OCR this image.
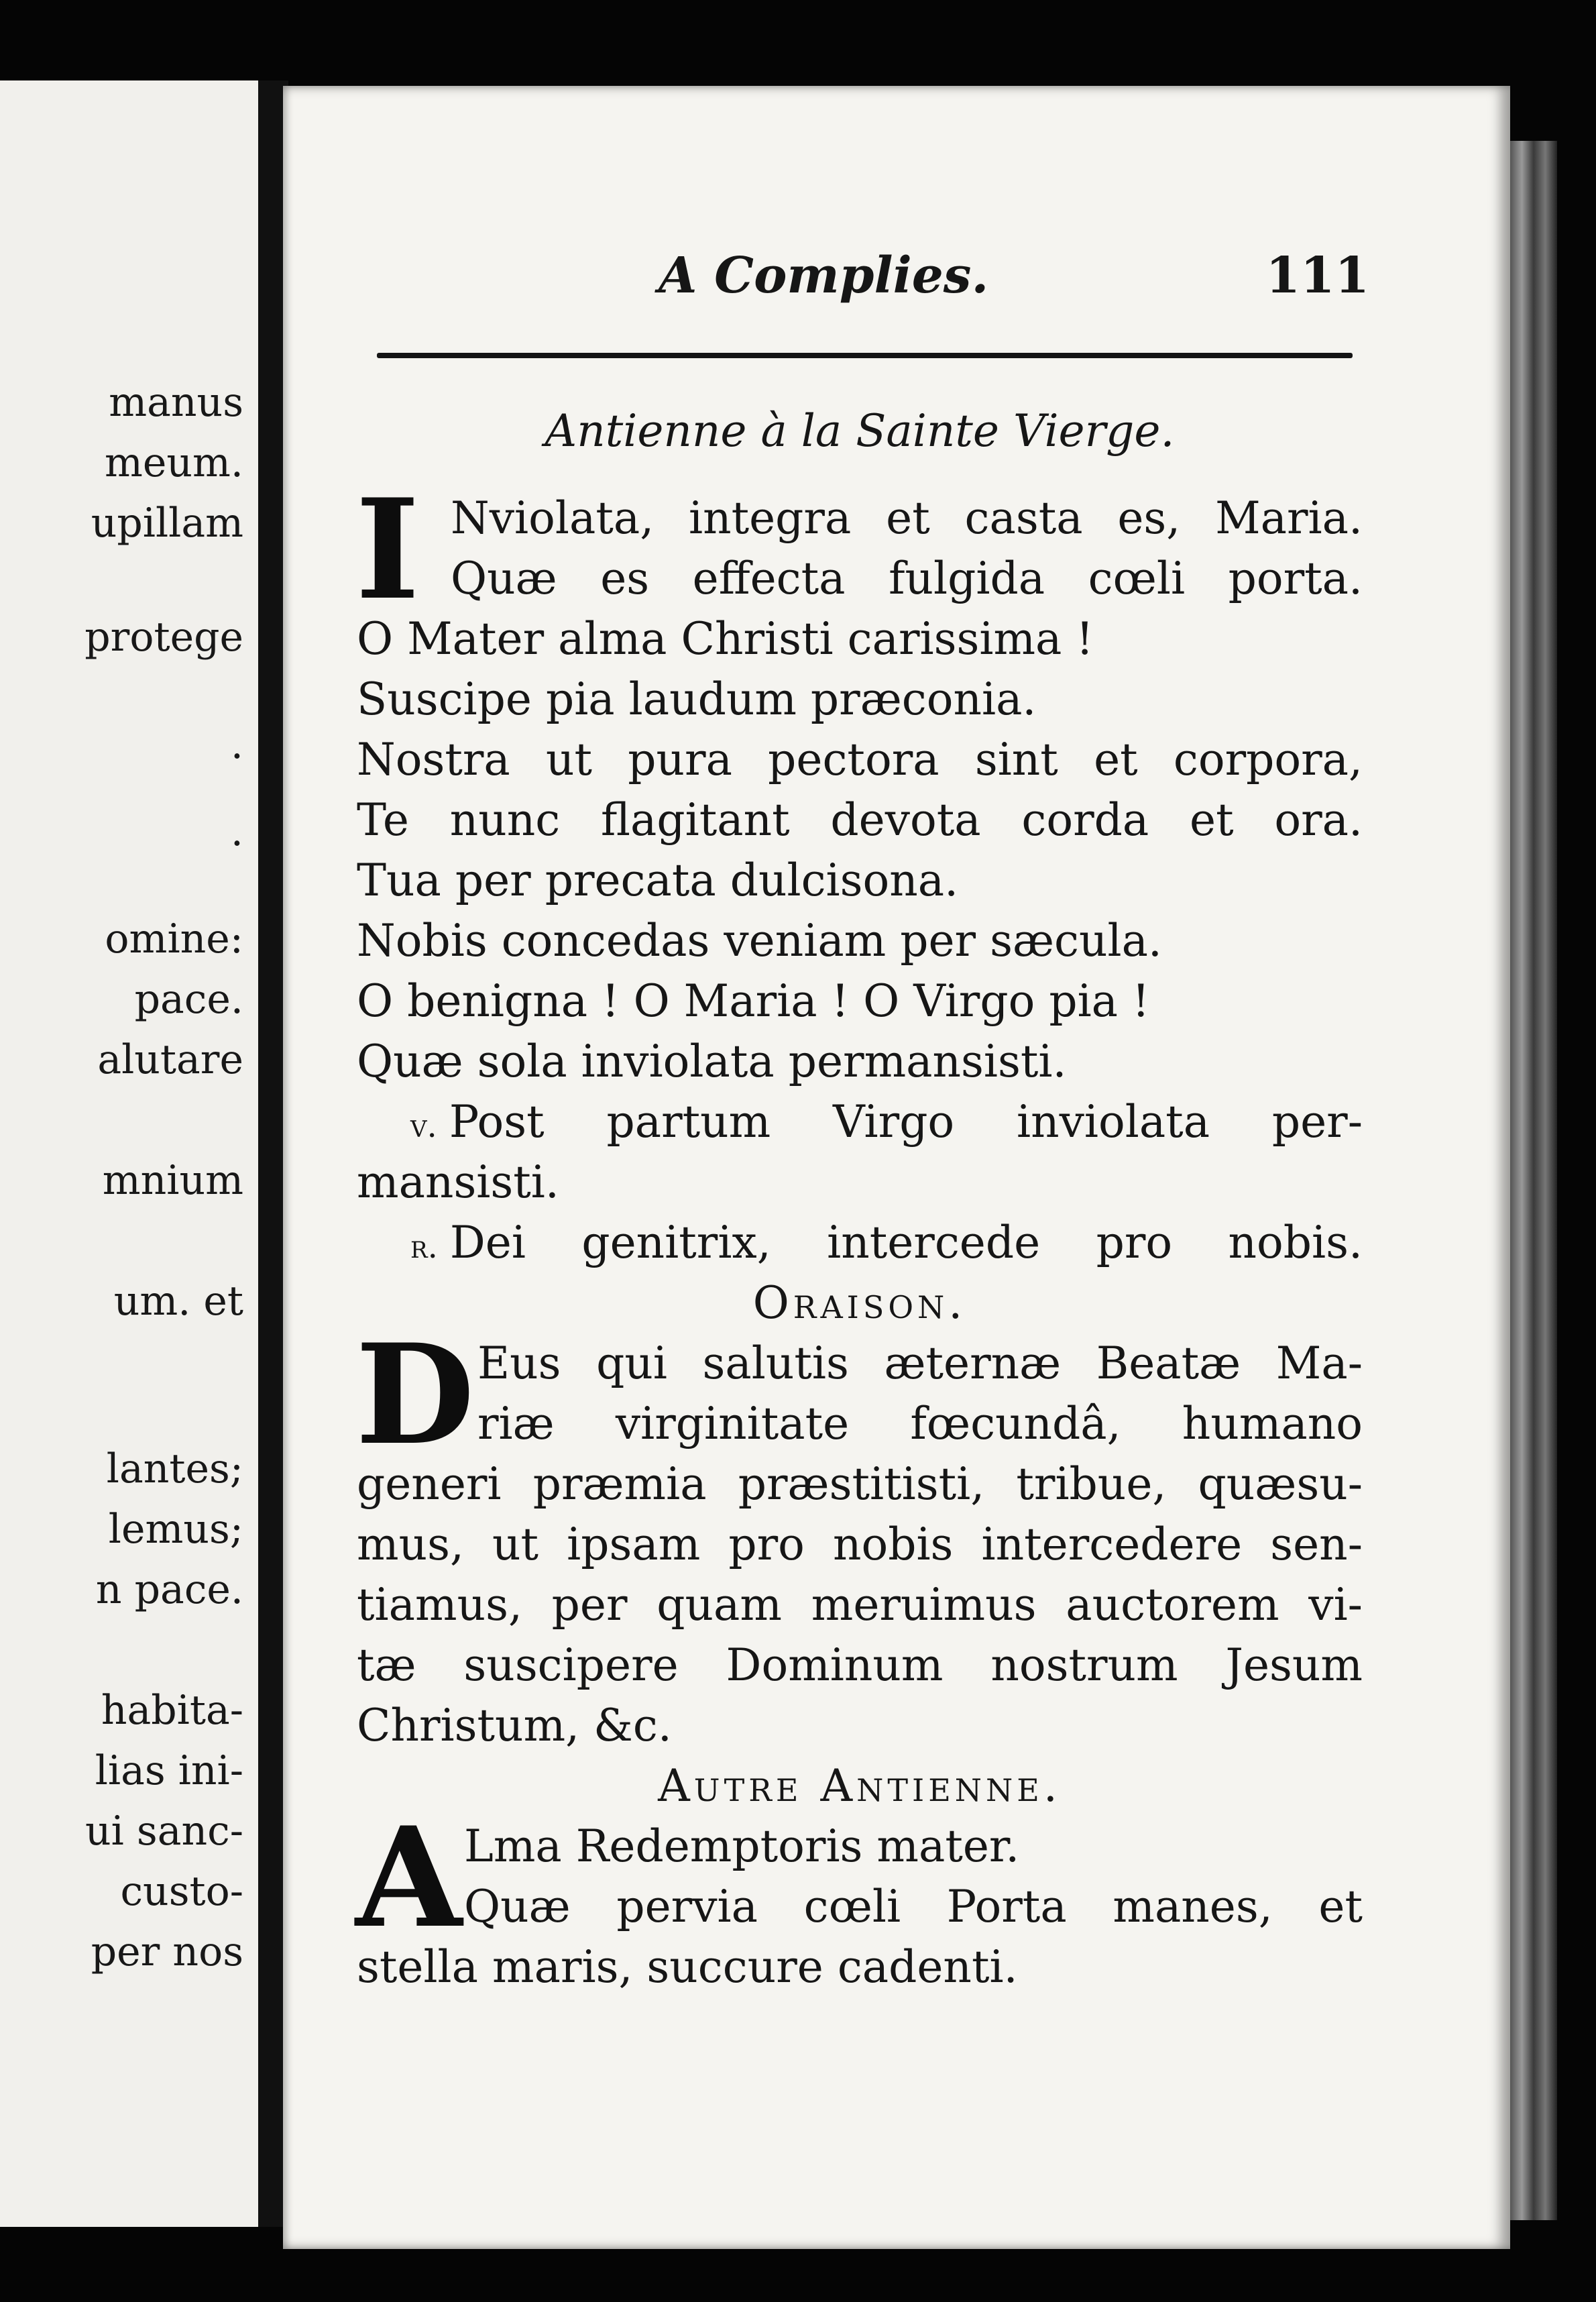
manus
meum.
upillam
protege
.
.
omine:
pace.
alutare
mnium
um. et
lantes;
lemus;
n pace.
habita-
lias ini-
ui sanc-
custo-
per nos
A Complies.	111
Antienne à la Sainte Vierge.
I Nviolata, integra et casta es, Maria.
Quæ es effecta fulgida cœli porta.
O Mater alma Christi carissima !
Suscipe pia laudum præconia.
Nostra ut pura pectora sint et corpora,
Te nunc flagitant devota corda et ora.
Tua per precata dulcisona.
Nobis concedas veniam per sæcula.
O benigna ! O Maria ! O Virgo pia !
Quæ sola inviolata permansisti.
v. Post partum Virgo inviolata per-
mansisti.
r. Dei genitrix, intercede pro nobis.
Oraison.
D Eus qui salutis æternæ Beatæ Ma-
riæ virginitate fœcundâ, humano
generi præmia præstitisti, tribue, quæsu-
mus, ut ipsam pro nobis intercedere sen-
tiamus, per quam meruimus auctorem vi-
tæ suscipere Dominum nostrum Jesum
Christum, &c.
Autre Antienne.
A Lma Redemptoris mater.
Quæ pervia cœli Porta manes, et
stella maris, succure cadenti.
